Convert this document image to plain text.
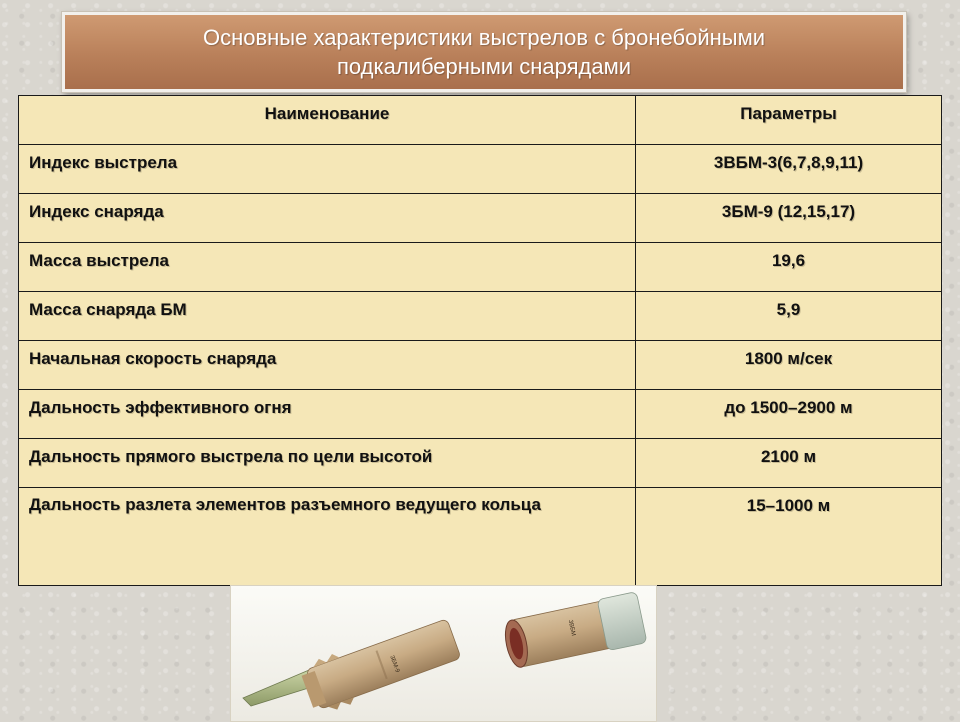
Основные характеристики выстрелов с бронебойными
подкалиберными снарядами
Наименование	Параметры
Индекс выстрела	3ВБМ-3(6,7,8,9,11)
Индекс снаряда	3БМ-9 (12,15,17)
Масса выстрела	19,6
Масса снаряда БМ	5,9
Начальная скорость снаряда	1800 м/сек
Дальность эффективного огня	до 1500–2900 м
Дальность прямого выстрела по цели высотой	2100 м
Дальность разлета элементов разъемного ведущего кольца	15–1000 м
3БМ-9
3ВБМ
